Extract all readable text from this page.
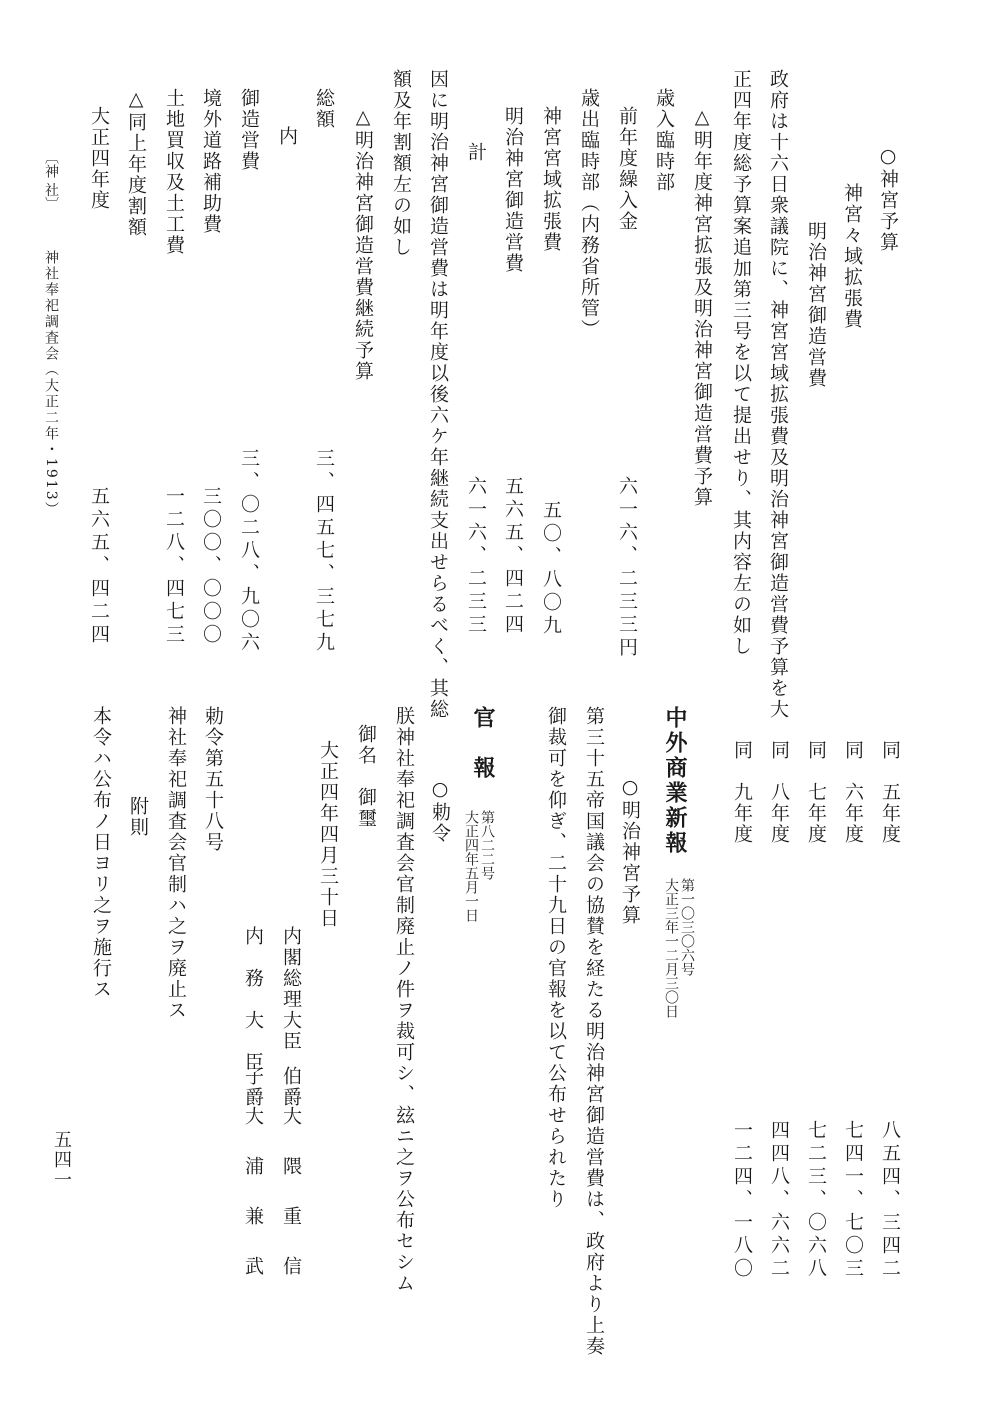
○神宮予算
神宮々域拡張費
明治神宮御造営費
政府は十六日衆議院に、神宮宮域拡張費及明治神宮御造営費予算を大
正四年度総予算案追加第三号を以て提出せり、其内容左の如し
△明年度神宮拡張及明治神宮御造営費予算
歳入臨時部
前年度繰入金
六一六、二三三円
歳出臨時部（内務省所管）
神宮宮域拡張費
五〇、八〇九
明治神宮御造営費
五六五、四二四
計
六一六、二三三
因に明治神宮御造営費は明年度以後六ケ年継続支出せらるべく、其総
額及年割額左の如し
△明治神宮御造営費継続予算
総額
三、四五七、三七九
内
御造営費
三、〇二八、九〇六
境外道路補助費
三〇〇、〇〇〇
土地買収及土工費
一二八、四七三
△同上年度割額
大正四年度
五六五、四二四
〔神 社〕
神社奉祀調査会（大正二年・1913）
同　五年度
八五四、三四二
同　六年度
七四一、七〇三
同　七年度
七二三、〇六八
同　八年度
四四八、六六二
同　九年度
一二四、一八〇
中外商業新報
第一〇三〇六号
大正三年一二月三〇日
○明治神宮予算
第三十五帝国議会の協賛を経たる明治神宮御造営費は、政府より上奏
御裁可を仰ぎ、二十九日の官報を以て公布せられたり
官　報
第八二二号
大正四年五月一日
○勅令
朕神社奉祀調査会官制廃止ノ件ヲ裁可シ、玆ニ之ヲ公布セシム
御名　御璽
大正四年四月三十日
内閣総理大臣
伯爵
大　隈　重　信
内　務　大　臣
子爵
大　浦　兼　武
勅令第五十八号
神社奉祀調査会官制ハ之ヲ廃止ス
附則
本令ハ公布ノ日ヨリ之ヲ施行ス
五四一
